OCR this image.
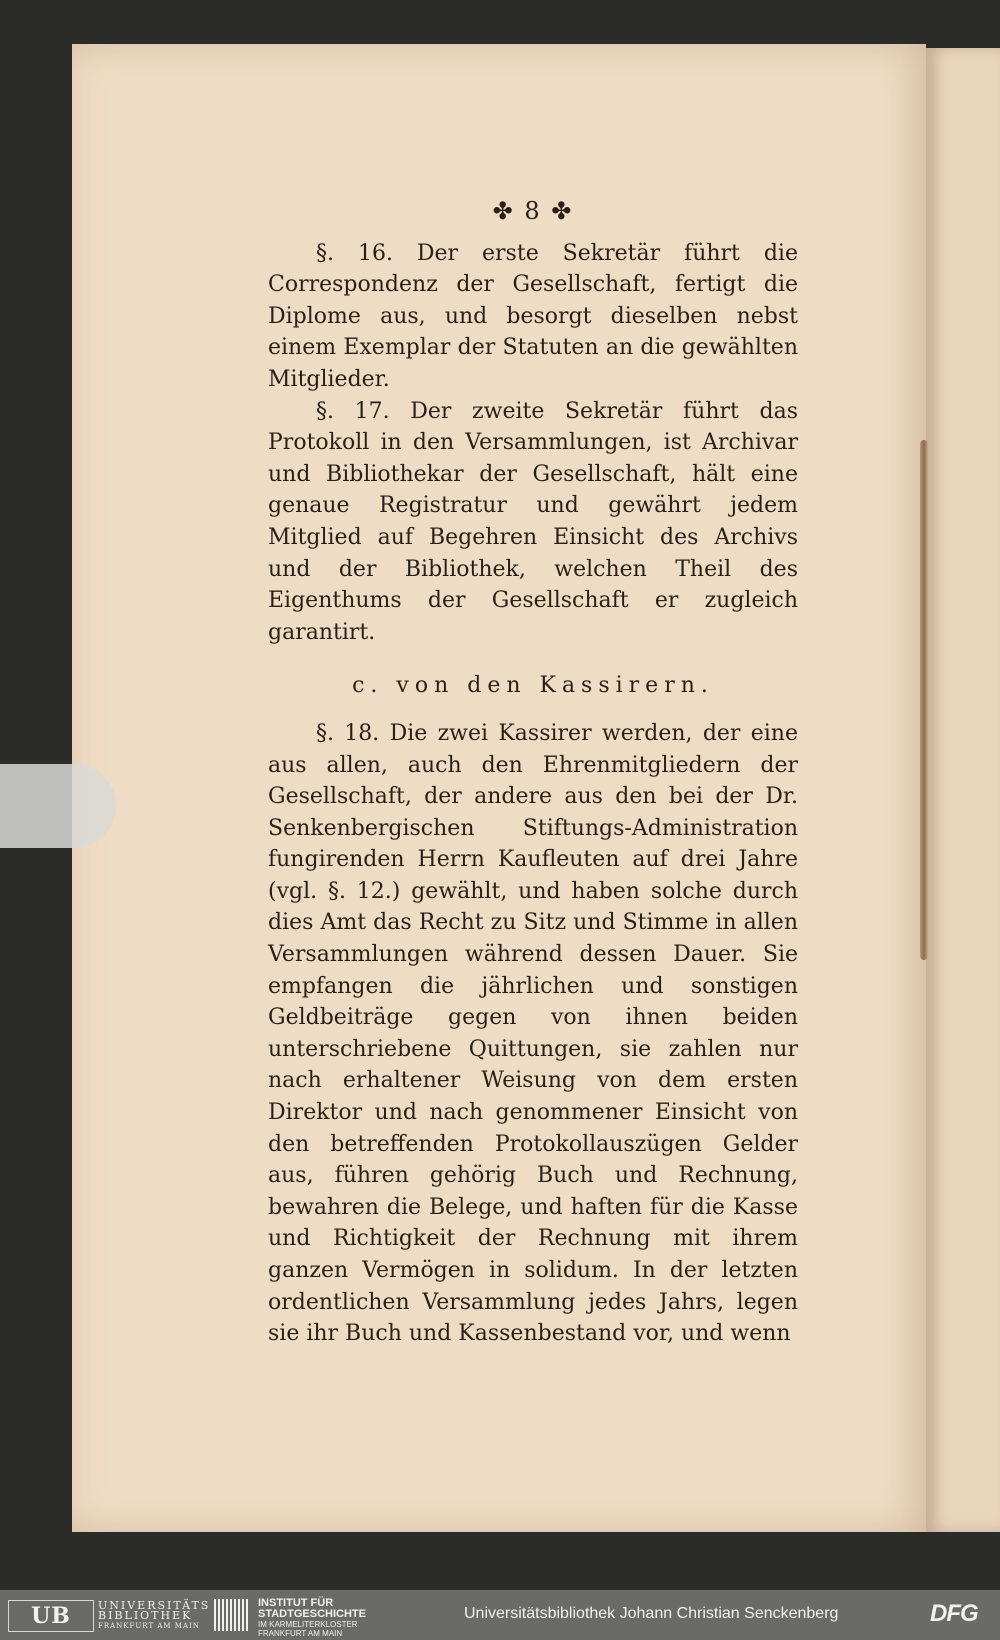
✤ 8 ✤

§. 16. Der erste Sekretär führt die Correspondenz der Gesellschaft, fertigt die Diplome aus, und besorgt dieselben nebst einem Exemplar der Statuten an die gewählten Mitglieder.

§. 17. Der zweite Sekretär führt das Protokoll in den Versammlungen, ist Archivar und Bibliothekar der Gesellschaft, hält eine genaue Registratur und gewährt jedem Mitglied auf Begehren Einsicht des Archivs und der Bibliothek, welchen Theil des Eigenthums der Gesellschaft er zugleich garantirt.

c. von den Kassirern.

§. 18. Die zwei Kassirer werden, der eine aus allen, auch den Ehrenmitgliedern der Gesellschaft, der andere aus den bei der Dr. Senkenbergischen Stiftungs-Administration fungirenden Herrn Kaufleuten auf drei Jahre (vgl. §. 12.) gewählt, und haben solche durch dies Amt das Recht zu Sitz und Stimme in allen Versammlungen während dessen Dauer. Sie empfangen die jährlichen und sonstigen Geldbeiträge gegen von ihnen beiden unterschriebene Quittungen, sie zahlen nur nach erhaltener Weisung von dem ersten Direktor und nach genommener Einsicht von den betreffenden Protokollauszügen Gelder aus, führen gehörig Buch und Rechnung, bewahren die Belege, und haften für die Kasse und Richtigkeit der Rechnung mit ihrem ganzen Vermögen in solidum. In der letzten ordentlichen Versammlung jedes Jahrs, legen sie ihr Buch und Kassenbestand vor, und wenn

UB	UNIVERSITÄTS
BIBLIOTHEK
FRANKFURT AM MAIN
INSTITUT FÜR
STADTGESCHICHTE
IM KARMELITERKLOSTER
FRANKFURT AM MAIN
Universitätsbibliothek Johann Christian Senckenberg	DFG
